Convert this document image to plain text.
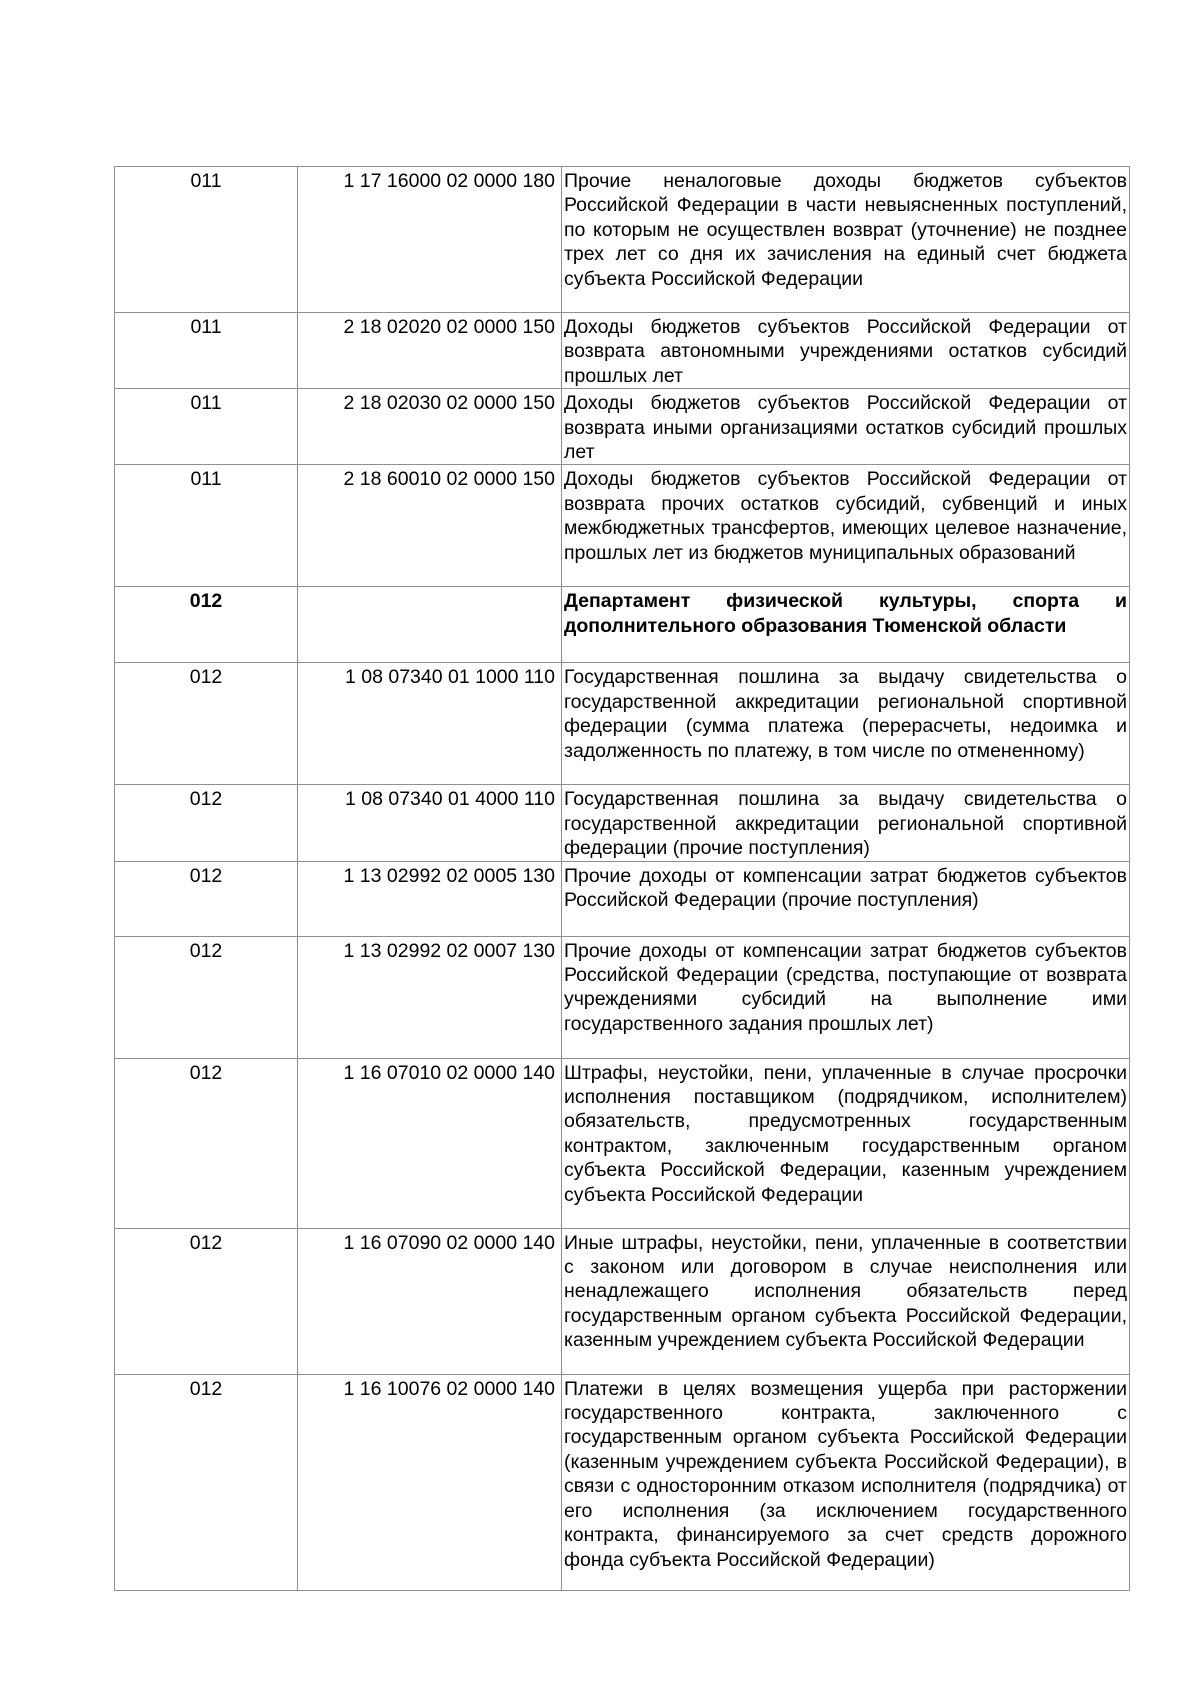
011	1 17 16000 02 0000 180	Прочие неналоговые доходы бюджетов субъектов Российской Федерации в части невыясненных поступлений, по которым не осуществлен возврат (уточнение) не позднее трех лет со дня их зачисления на единый счет бюджета субъекта Российской Федерации
011	2 18 02020 02 0000 150	Доходы бюджетов субъектов Российской Федерации от возврата автономными учреждениями остатков субсидий прошлых лет
011	2 18 02030 02 0000 150	Доходы бюджетов субъектов Российской Федерации от возврата иными организациями остатков субсидий прошлых лет
011	2 18 60010 02 0000 150	Доходы бюджетов субъектов Российской Федерации от возврата прочих остатков субсидий, субвенций и иных межбюджетных трансфертов, имеющих целевое назначение, прошлых лет из бюджетов муниципальных образований
012		Департамент физической культуры, спорта и дополнительного образования Тюменской области
012	1 08 07340 01 1000 110	Государственная пошлина за выдачу свидетельства о государственной аккредитации региональной спортивной федерации (сумма платежа (перерасчеты, недоимка и задолженность по платежу, в том числе по отмененному)
012	1 08 07340 01 4000 110	Государственная пошлина за выдачу свидетельства о государственной аккредитации региональной спортивной федерации (прочие поступления)
012	1 13 02992 02 0005 130	Прочие доходы от компенсации затрат бюджетов субъектов Российской Федерации (прочие поступления)
012	1 13 02992 02 0007 130	Прочие доходы от компенсации затрат бюджетов субъектов Российской Федерации (средства, поступающие от возврата учреждениями субсидий на выполнение ими государственного задания прошлых лет)
012	1 16 07010 02 0000 140	Штрафы, неустойки, пени, уплаченные в случае просрочки исполнения поставщиком (подрядчиком, исполнителем) обязательств, предусмотренных государственным контрактом, заключенным государственным органом субъекта Российской Федерации, казенным учреждением субъекта Российской Федерации
012	1 16 07090 02 0000 140	Иные штрафы, неустойки, пени, уплаченные в соответствии с законом или договором в случае неисполнения или ненадлежащего исполнения обязательств перед государственным органом субъекта Российской Федерации, казенным учреждением субъекта Российской Федерации
012	1 16 10076 02 0000 140	Платежи в целях возмещения ущерба при расторжении государственного контракта, заключенного с государственным органом субъекта Российской Федерации (казенным учреждением субъекта Российской Федерации), в связи с односторонним отказом исполнителя (подрядчика) от его исполнения (за исключением государственного контракта, финансируемого за счет средств дорожного фонда субъекта Российской Федерации)
